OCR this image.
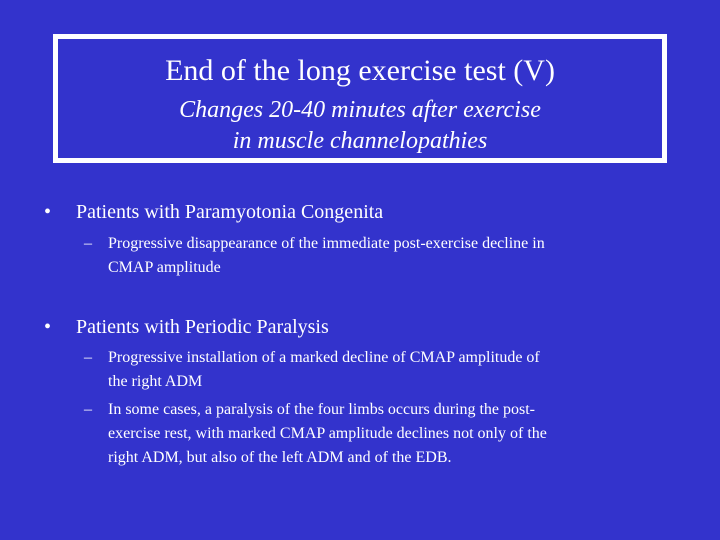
End of the long exercise test (V)
Changes 20-40 minutes after exercise
in muscle channelopathies
• Patients with Paramyotonia Congenita
– Progressive disappearance of the immediate post-exercise decline in
CMAP amplitude
• Patients with Periodic Paralysis
– Progressive installation of a marked decline of CMAP amplitude of
the right ADM
– In some cases, a paralysis of the four limbs occurs during the post-
exercise rest, with marked CMAP amplitude declines not only of the
right ADM, but also of the left ADM and of the EDB.
